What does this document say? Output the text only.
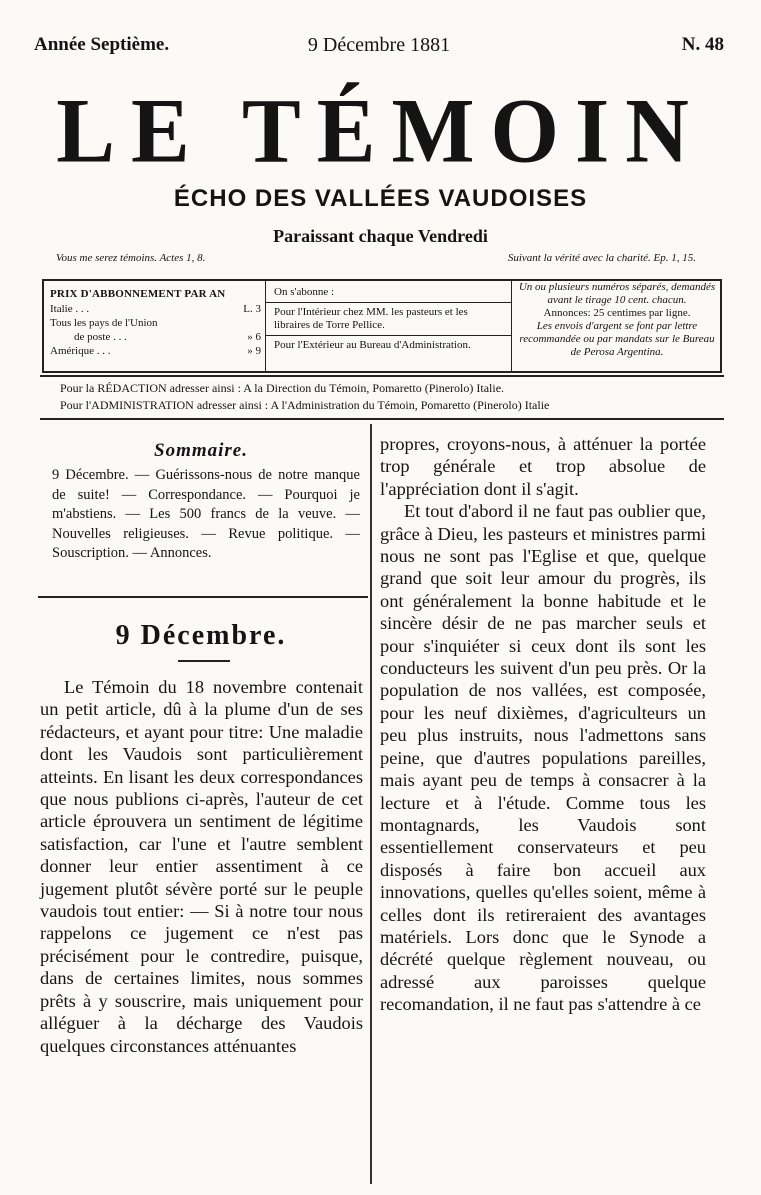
Année Septième.	9 Décembre 1881	N. 48
LE TÉMOIN
ÉCHO DES VALLÉES VAUDOISES
Paraissant chaque Vendredi
Vous me serez témoins. Actes 1, 8.	Suivant la vérité avec la charité. Ep. 1, 15.
PRIX D'ABBONNEMENT PAR AN
Italie . . .	L. 3
Tous les pays de l'Union
de poste . . .	» 6
Amérique . . .	» 9

On s'abonne :

Pour l'Intérieur chez MM. les pasteurs et les libraires de Torre Pellice.

Pour l'Extérieur au Bureau d'Administration.

Un ou plusieurs numéros séparés, demandés avant le tirage 10 cent. chacun.

Annonces: 25 centimes par ligne.

Les envois d'argent se font par lettre recommandée ou par mandats sur le Bureau de Perosa Argentina.

Pour la RÉDACTION adresser ainsi : A la Direction du Témoin, Pomaretto (Pinerolo) Italie.
Pour l'ADMINISTRATION adresser ainsi : A l'Administration du Témoin, Pomaretto (Pinerolo) Italie
Sommaire.
9 Décembre. — Guérissons-nous de notre manque de suite! — Correspondance. — Pourquoi je m'abstiens. — Les 500 francs de la veuve. — Nouvelles religieuses. — Revue politique. — Souscription. — Annonces.
9 Décembre.
Le Témoin du 18 novembre contenait un petit article, dû à la plume d'un de ses rédacteurs, et ayant pour titre: Une maladie dont les Vaudois sont particulièrement atteints. En lisant les deux correspondances que nous publions ci-après, l'auteur de cet article éprouvera un sentiment de légitime satisfaction, car l'une et l'autre semblent donner leur entier assentiment à ce jugement plutôt sévère porté sur le peuple vaudois tout entier: — Si à notre tour nous rappelons ce jugement ce n'est pas précisément pour le contredire, puisque, dans de certaines limites, nous sommes prêts à y souscrire, mais uniquement pour alléguer à la décharge des Vaudois quelques circonstances atténuantes

propres, croyons-nous, à atténuer la portée trop générale et trop absolue de l'appréciation dont il s'agit.

Et tout d'abord il ne faut pas oublier que, grâce à Dieu, les pasteurs et ministres parmi nous ne sont pas l'Eglise et que, quelque grand que soit leur amour du progrès, ils ont généralement la bonne habitude et le sincère désir de ne pas marcher seuls et pour s'inquiéter si ceux dont ils sont les conducteurs les suivent d'un peu près. Or la population de nos vallées, est composée, pour les neuf dixièmes, d'agriculteurs un peu plus instruits, nous l'admettons sans peine, que d'autres populations pareilles, mais ayant peu de temps à consacrer à la lecture et à l'étude. Comme tous les montagnards, les Vaudois sont essentiellement conservateurs et peu disposés à faire bon accueil aux innovations, quelles qu'elles soient, même à celles dont ils retireraient des avantages matériels. Lors donc que le Synode a décrété quelque règlement nouveau, ou adressé aux paroisses quelque recomandation, il ne faut pas s'attendre à ce
